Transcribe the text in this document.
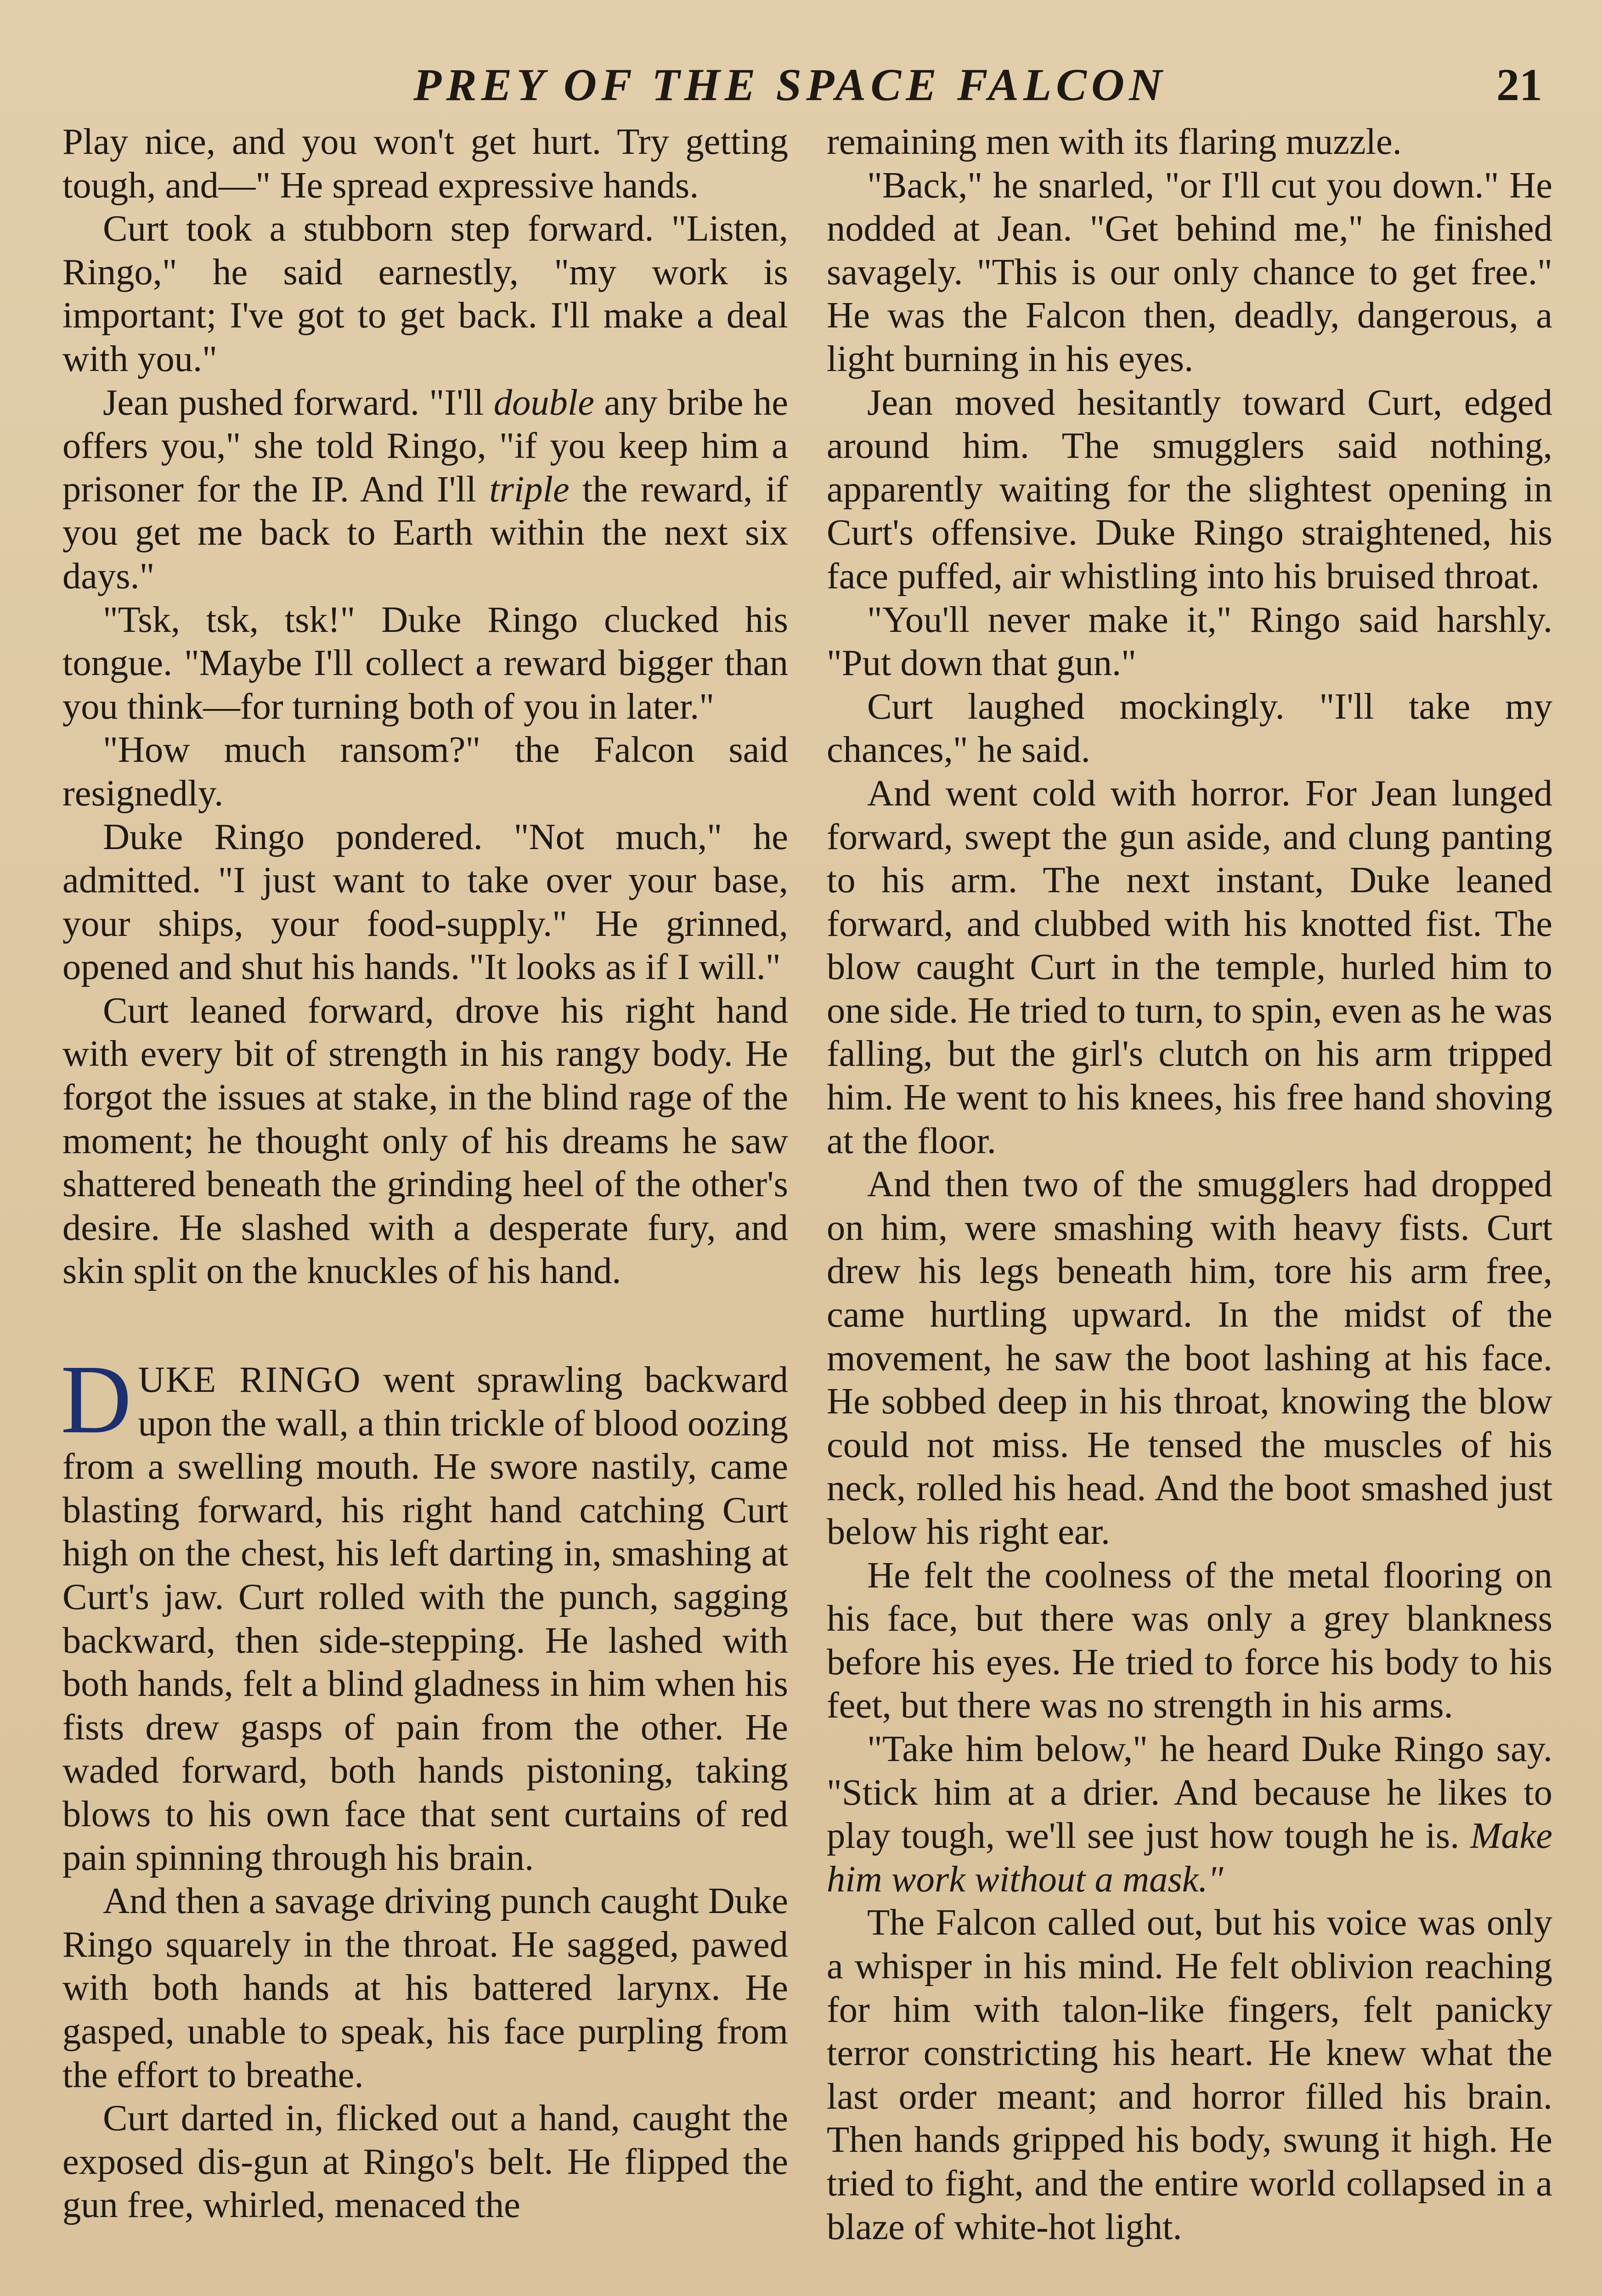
PREY OF THE SPACE FALCON	21

Play nice, and you won't get hurt. Try getting tough, and—" He spread expressive hands.

Curt took a stubborn step forward. "Listen, Ringo," he said earnestly, "my work is important; I've got to get back. I'll make a deal with you."

Jean pushed forward. "I'll double any bribe he offers you," she told Ringo, "if you keep him a prisoner for the IP. And I'll triple the reward, if you get me back to Earth within the next six days."

"Tsk, tsk, tsk!" Duke Ringo clucked his tongue. "Maybe I'll collect a reward bigger than you think—for turning both of you in later."

"How much ransom?" the Falcon said resignedly.

Duke Ringo pondered. "Not much," he admitted. "I just want to take over your base, your ships, your food-supply." He grinned, opened and shut his hands. "It looks as if I will."

Curt leaned forward, drove his right hand with every bit of strength in his rangy body. He forgot the issues at stake, in the blind rage of the moment; he thought only of his dreams he saw shattered beneath the grinding heel of the other's desire. He slashed with a desperate fury, and skin split on the knuckles of his hand.

DUKE RINGO went sprawling backward upon the wall, a thin trickle of blood oozing from a swelling mouth. He swore nastily, came blasting forward, his right hand catching Curt high on the chest, his left darting in, smashing at Curt's jaw. Curt rolled with the punch, sagging backward, then side-stepping. He lashed with both hands, felt a blind gladness in him when his fists drew gasps of pain from the other. He waded forward, both hands pistoning, taking blows to his own face that sent curtains of red pain spinning through his brain.

And then a savage driving punch caught Duke Ringo squarely in the throat. He sagged, pawed with both hands at his battered larynx. He gasped, unable to speak, his face purpling from the effort to breathe.

Curt darted in, flicked out a hand, caught the exposed dis-gun at Ringo's belt. He flipped the gun free, whirled, menaced the

remaining men with its flaring muzzle.

"Back," he snarled, "or I'll cut you down." He nodded at Jean. "Get behind me," he finished savagely. "This is our only chance to get free." He was the Falcon then, deadly, dangerous, a light burning in his eyes.

Jean moved hesitantly toward Curt, edged around him. The smugglers said nothing, apparently waiting for the slightest opening in Curt's offensive. Duke Ringo straightened, his face puffed, air whistling into his bruised throat.

"You'll never make it," Ringo said harshly. "Put down that gun."

Curt laughed mockingly. "I'll take my chances," he said.

And went cold with horror. For Jean lunged forward, swept the gun aside, and clung panting to his arm. The next instant, Duke leaned forward, and clubbed with his knotted fist. The blow caught Curt in the temple, hurled him to one side. He tried to turn, to spin, even as he was falling, but the girl's clutch on his arm tripped him. He went to his knees, his free hand shoving at the floor.

And then two of the smugglers had dropped on him, were smashing with heavy fists. Curt drew his legs beneath him, tore his arm free, came hurtling upward. In the midst of the movement, he saw the boot lashing at his face. He sobbed deep in his throat, knowing the blow could not miss. He tensed the muscles of his neck, rolled his head. And the boot smashed just below his right ear.

He felt the coolness of the metal flooring on his face, but there was only a grey blankness before his eyes. He tried to force his body to his feet, but there was no strength in his arms.

"Take him below," he heard Duke Ringo say. "Stick him at a drier. And because he likes to play tough, we'll see just how tough he is. Make him work without a mask."

The Falcon called out, but his voice was only a whisper in his mind. He felt oblivion reaching for him with talon-like fingers, felt panicky terror constricting his heart. He knew what the last order meant; and horror filled his brain. Then hands gripped his body, swung it high. He tried to fight, and the entire world collapsed in a blaze of white-hot light.
